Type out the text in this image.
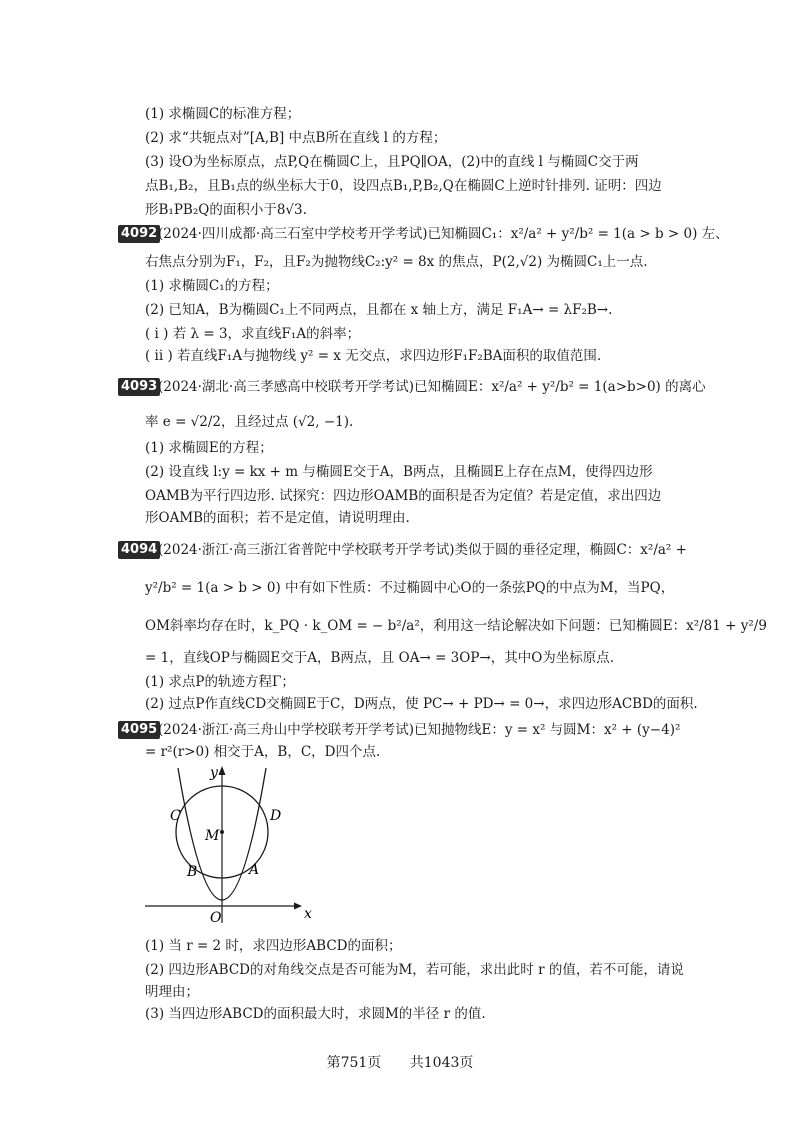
(1) 求椭圆C的标准方程；
(2) 求“共轭点对”[A,B] 中点B所在直线 l 的方程；
(3) 设O为坐标原点，点P,Q在椭圆C上，且PQ∥OA，(2)中的直线 l 与椭圆C交于两
点B₁,B₂，且B₁点的纵坐标大于0，设四点B₁,P,B₂,Q在椭圆C上逆时针排列. 证明：四边
形B₁PB₂Q的面积小于8√3.
4092 (2024·四川成都·高三石室中学校考开学考试)已知椭圆C₁：x²/a² + y²/b² = 1(a > b > 0) 左、
右焦点分别为F₁，F₂，且F₂为抛物线C₂:y² = 8x 的焦点，P(2,√2) 为椭圆C₁上一点.
(1) 求椭圆C₁的方程；
(2) 已知A，B为椭圆C₁上不同两点，且都在 x 轴上方，满足 F₁A→ = λF₂B→.
( i ) 若 λ = 3，求直线F₁A的斜率；
( ii ) 若直线F₁A与抛物线 y² = x 无交点，求四边形F₁F₂BA面积的取值范围.
4093 (2024·湖北·高三孝感高中校联考开学考试)已知椭圆E：x²/a² + y²/b² = 1(a>b>0) 的离心
率 e = √2/2，且经过点 (√2, −1).
(1) 求椭圆E的方程；
(2) 设直线 l:y = kx + m 与椭圆E交于A，B两点，且椭圆E上存在点M，使得四边形
OAMB为平行四边形. 试探究：四边形OAMB的面积是否为定值？若是定值，求出四边
形OAMB的面积；若不是定值，请说明理由.
4094 (2024·浙江·高三浙江省普陀中学校联考开学考试)类似于圆的垂径定理，椭圆C：x²/a² +
y²/b² = 1(a > b > 0) 中有如下性质：不过椭圆中心O的一条弦PQ的中点为M，当PQ，
OM斜率均存在时，k_PQ · k_OM = − b²/a²，利用这一结论解决如下问题：已知椭圆E：x²/81 + y²/9
= 1，直线OP与椭圆E交于A，B两点，且 OA→ = 3OP→，其中O为坐标原点.
(1) 求点P的轨迹方程Γ；
(2) 过点P作直线CD交椭圆E于C，D两点，使 PC→ + PD→ = 0→，求四边形ACBD的面积.
4095 (2024·浙江·高三舟山中学校联考开学考试)已知抛物线E：y = x² 与圆M：x² + (y−4)²
= r²(r>0) 相交于A，B，C，D四个点.
y
x
O
C	D
M
B	A
(1) 当 r = 2 时，求四边形ABCD的面积；
(2) 四边形ABCD的对角线交点是否可能为M，若可能，求出此时 r 的值，若不可能，请说
明理由；
(3) 当四边形ABCD的面积最大时，求圆M的半径 r 的值.
第751页 共1043页
